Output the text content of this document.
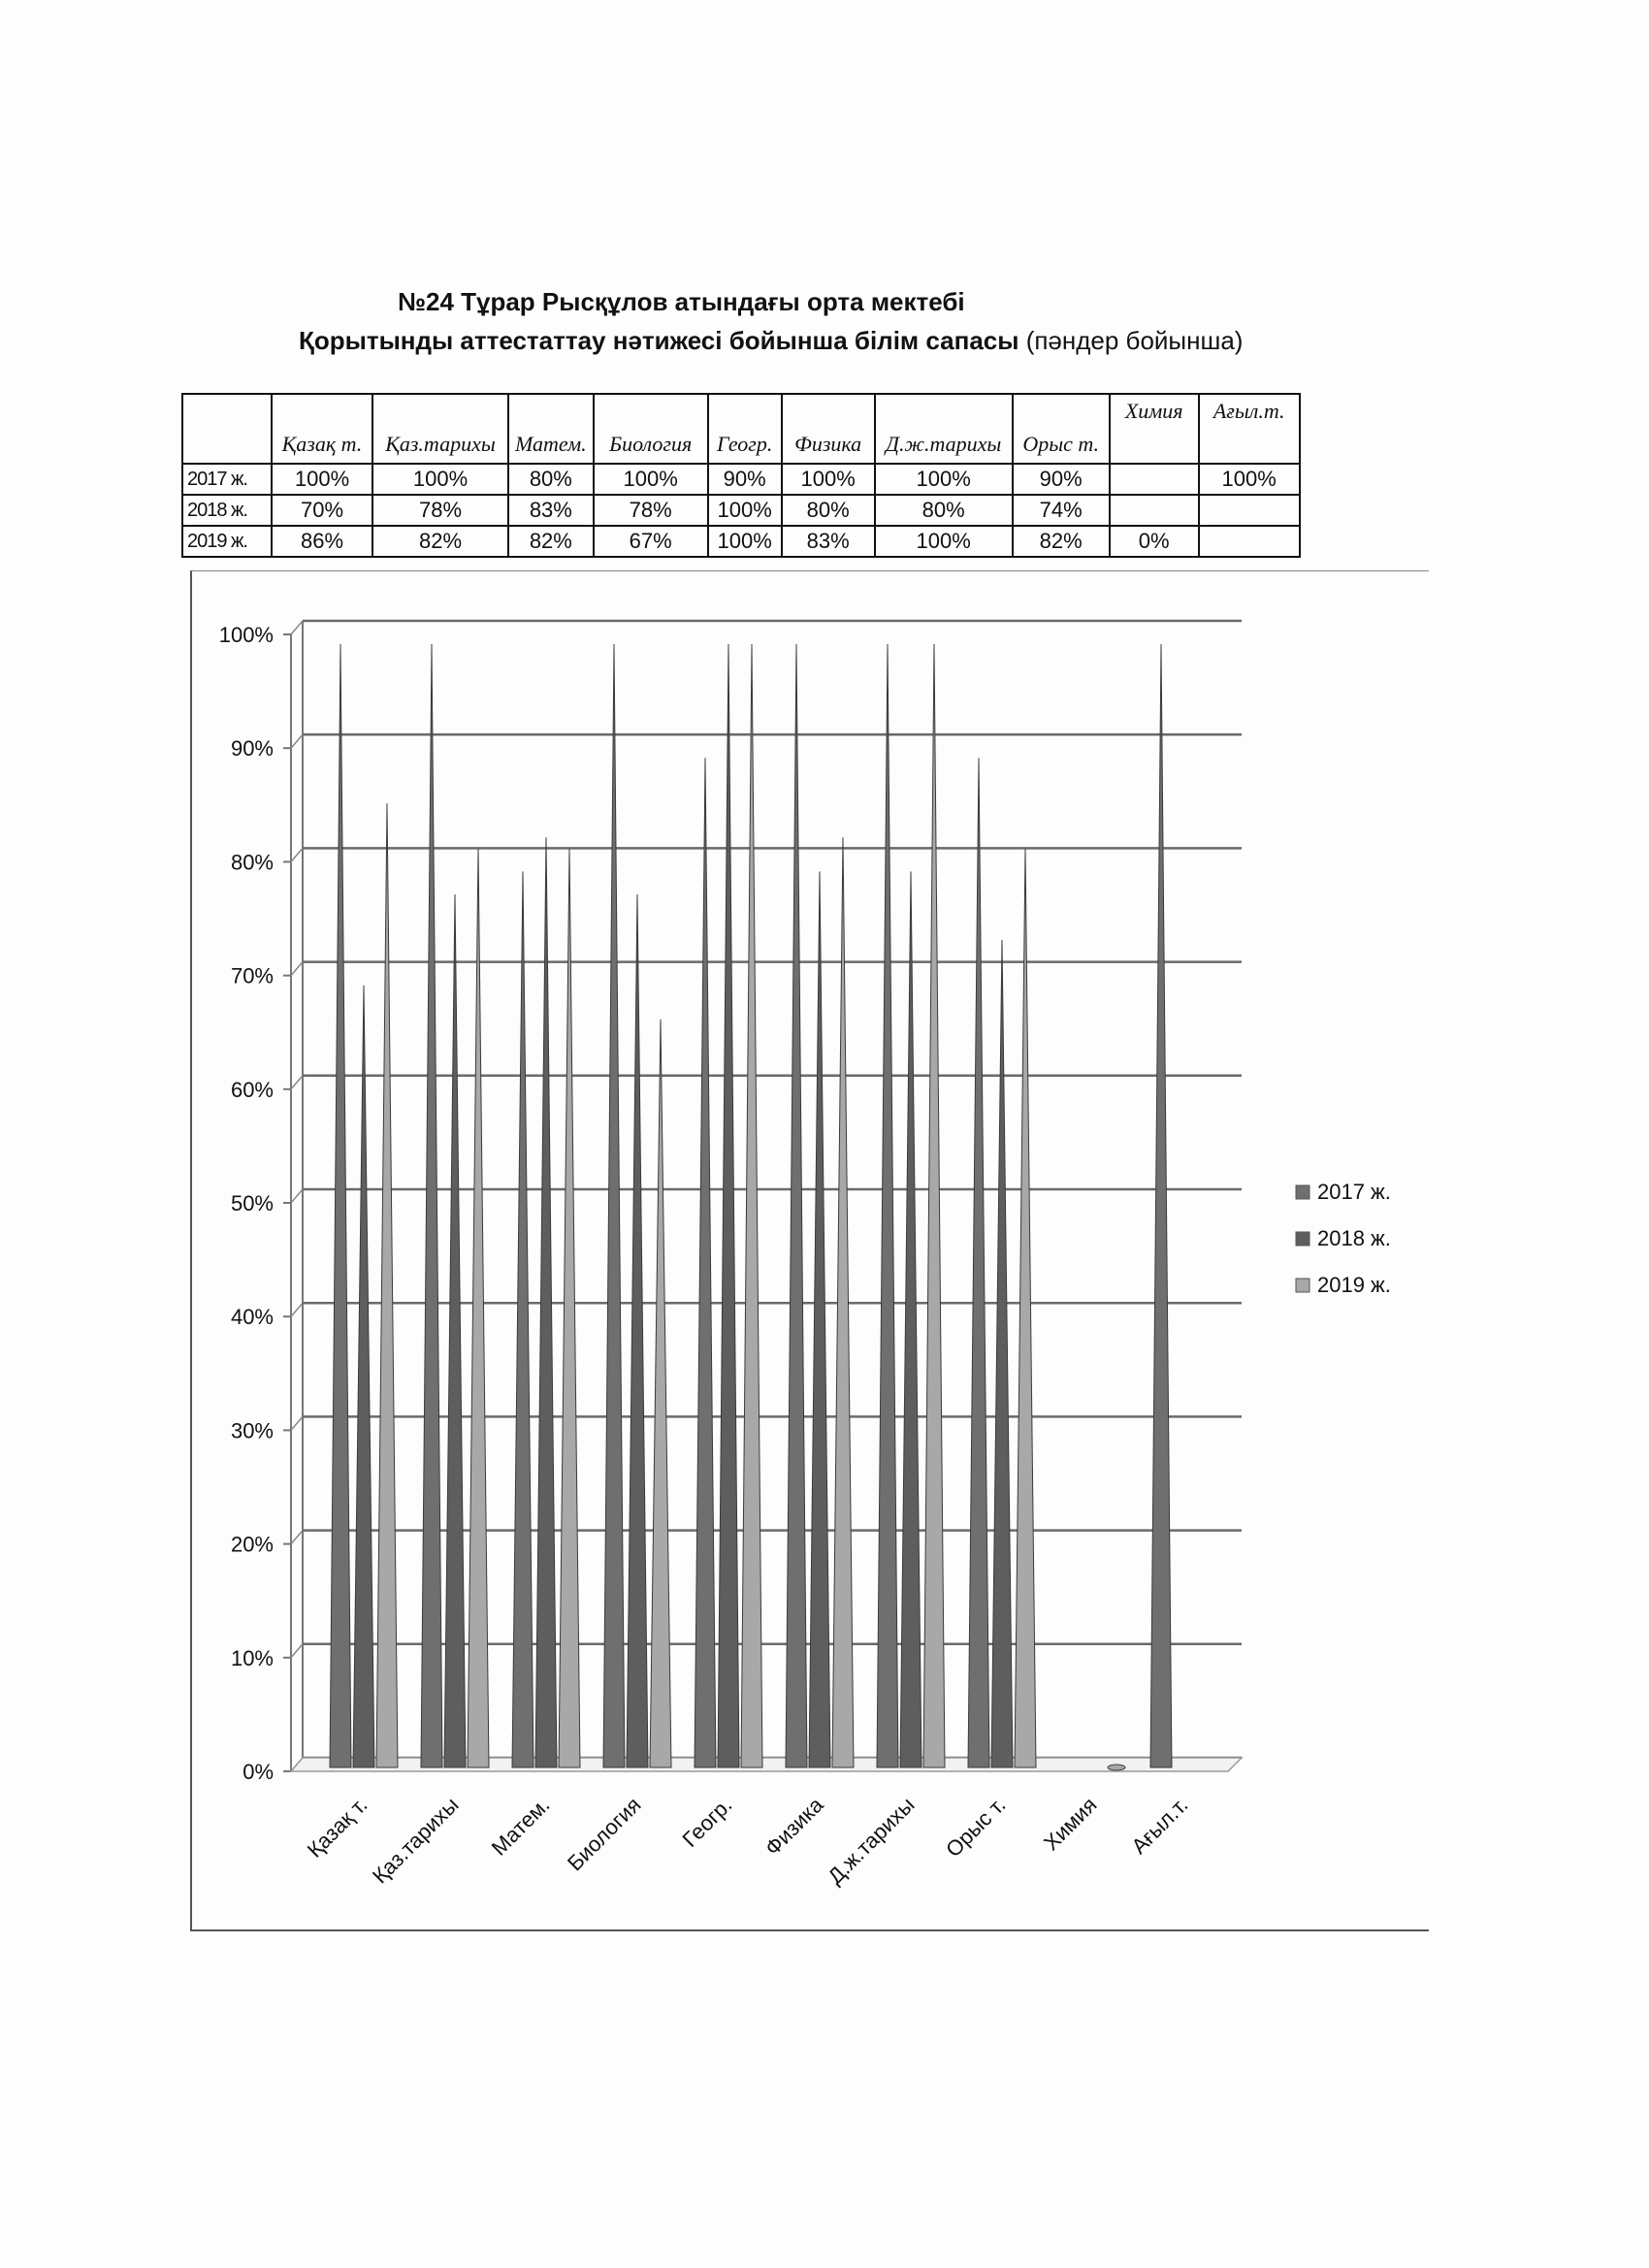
№24 Тұрар Рысқұлов атындағы орта мектебі
Қорытынды аттестаттау нәтижесі бойынша білім сапасы (пәндер бойынша)
	Қазақ т.	Қаз.тарихы	Матем.	Биология	Геогр.	Физика	Д.ж.тарихы	Орыс т.	Химия	Ағыл.т.
2017 ж.	100%	100%	80%	100%	90%	100%	100%	90%		100%
2018 ж.	70%	78%	83%	78%	100%	80%	80%	74%		
2019 ж.	86%	82%	82%	67%	100%	83%	100%	82%	0%	
0%
10%
20%
30%
40%
50%
60%
70%
80%
90%
100%
Қазақ т.
Қаз.тарихы Матем. Биология Геогр. Физика
Д.ж.тарихы Орыс т. Химия Ағыл.т.
2017 ж.
2018 ж.
2019 ж.
